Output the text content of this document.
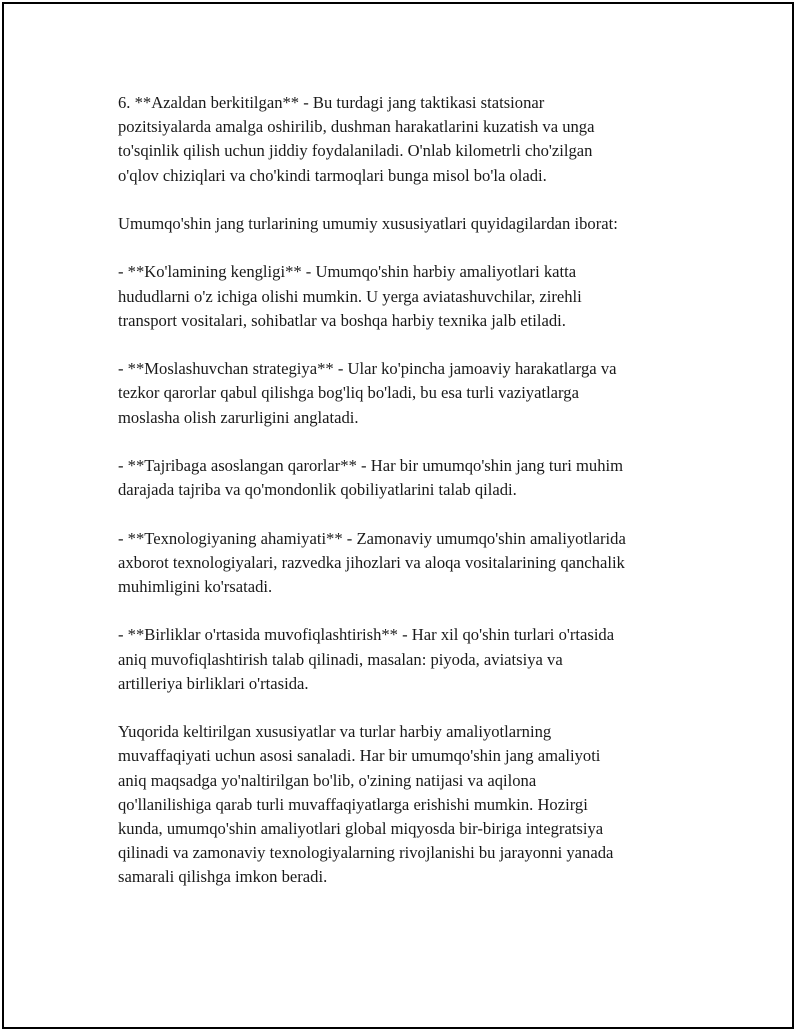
6. **Azaldan berkitilgan** - Bu turdagi jang taktikasi statsionar
pozitsiyalarda amalga oshirilib, dushman harakatlarini kuzatish va unga
to'sqinlik qilish uchun jiddiy foydalaniladi. O'nlab kilometrli cho'zilgan
o'qlov chiziqlari va cho'kindi tarmoqlari bunga misol bo'la oladi.
Umumqo'shin jang turlarining umumiy xususiyatlari quyidagilardan iborat:
- **Ko'lamining kengligi** - Umumqo'shin harbiy amaliyotlari katta
hududlarni o'z ichiga olishi mumkin. U yerga aviatashuvchilar, zirehli
transport vositalari, sohibatlar va boshqa harbiy texnika jalb etiladi.
- **Moslashuvchan strategiya** - Ular ko'pincha jamoaviy harakatlarga va
tezkor qarorlar qabul qilishga bog'liq bo'ladi, bu esa turli vaziyatlarga
moslasha olish zarurligini anglatadi.
- **Tajribaga asoslangan qarorlar** - Har bir umumqo'shin jang turi muhim
darajada tajriba va qo'mondonlik qobiliyatlarini talab qiladi.
- **Texnologiyaning ahamiyati** - Zamonaviy umumqo'shin amaliyotlarida
axborot texnologiyalari, razvedka jihozlari va aloqa vositalarining qanchalik
muhimligini ko'rsatadi.
- **Birliklar o'rtasida muvofiqlashtirish** - Har xil qo'shin turlari o'rtasida
aniq muvofiqlashtirish talab qilinadi, masalan: piyoda, aviatsiya va
artilleriya birliklari o'rtasida.
Yuqorida keltirilgan xususiyatlar va turlar harbiy amaliyotlarning
muvaffaqiyati uchun asosi sanaladi. Har bir umumqo'shin jang amaliyoti
aniq maqsadga yo'naltirilgan bo'lib, o'zining natijasi va aqilona
qo'llanilishiga qarab turli muvaffaqiyatlarga erishishi mumkin. Hozirgi
kunda, umumqo'shin amaliyotlari global miqyosda bir-biriga integratsiya
qilinadi va zamonaviy texnologiyalarning rivojlanishi bu jarayonni yanada
samarali qilishga imkon beradi.
